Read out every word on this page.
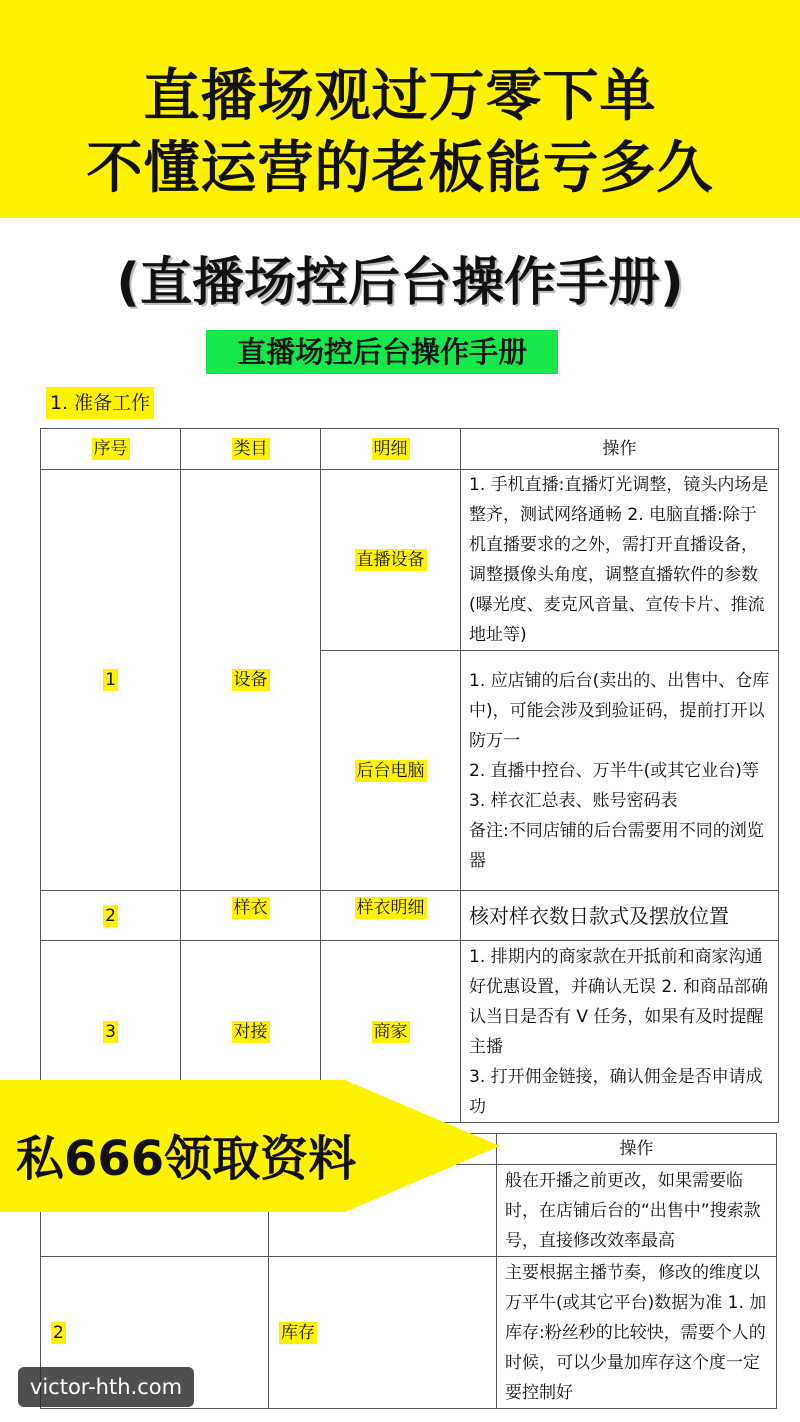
直播场观过万零下单
不懂运营的老板能亏多久
(直播场控后台操作手册)
直播场控后台操作手册
1. 准备工作
序号	类目	明细	操作
1	设备	直播设备	1. 手机直播:直播灯光调整，镜头内场是整齐，测试网络通畅 2. 电脑直播:除于机直播要求的之外，需打开直播设备，调整摄像头角度，调整直播软件的参数(曝光度、麦克风音量、宣传卡片、推流地址等)

		后台电脑	1. 应店铺的后台(卖出的、出售中、仓库中)，可能会涉及到验证码，提前打开以防万一
2. 直播中控台、万半牛(或其它业台)等
3. 样衣汇总表、账号密码表
备注:不同店铺的后台需要用不同的浏览器

2	样衣	样衣明细	核对样衣数日款式及摆放位置
3	对接	商家	1. 排期内的商家款在开抵前和商家沟通好优惠设置，并确认无误 2. 和商品部确认当日是否有 V 任务，如果有及时提醒主播
3. 打开佣金链接，确认佣金是否申请成功
		操作
		般在开播之前更改，如果需要临时，在店铺后台的“出售中”搜索款号，直接修改效率最高
2	库存	主要根据主播节奏，修改的维度以万平牛(或其它平台)数据为准 1. 加库存:粉丝秒的比较快，需要个人的时候，可以少量加库存这个度一定要控制好
私666领取资料
victor-hth.com
